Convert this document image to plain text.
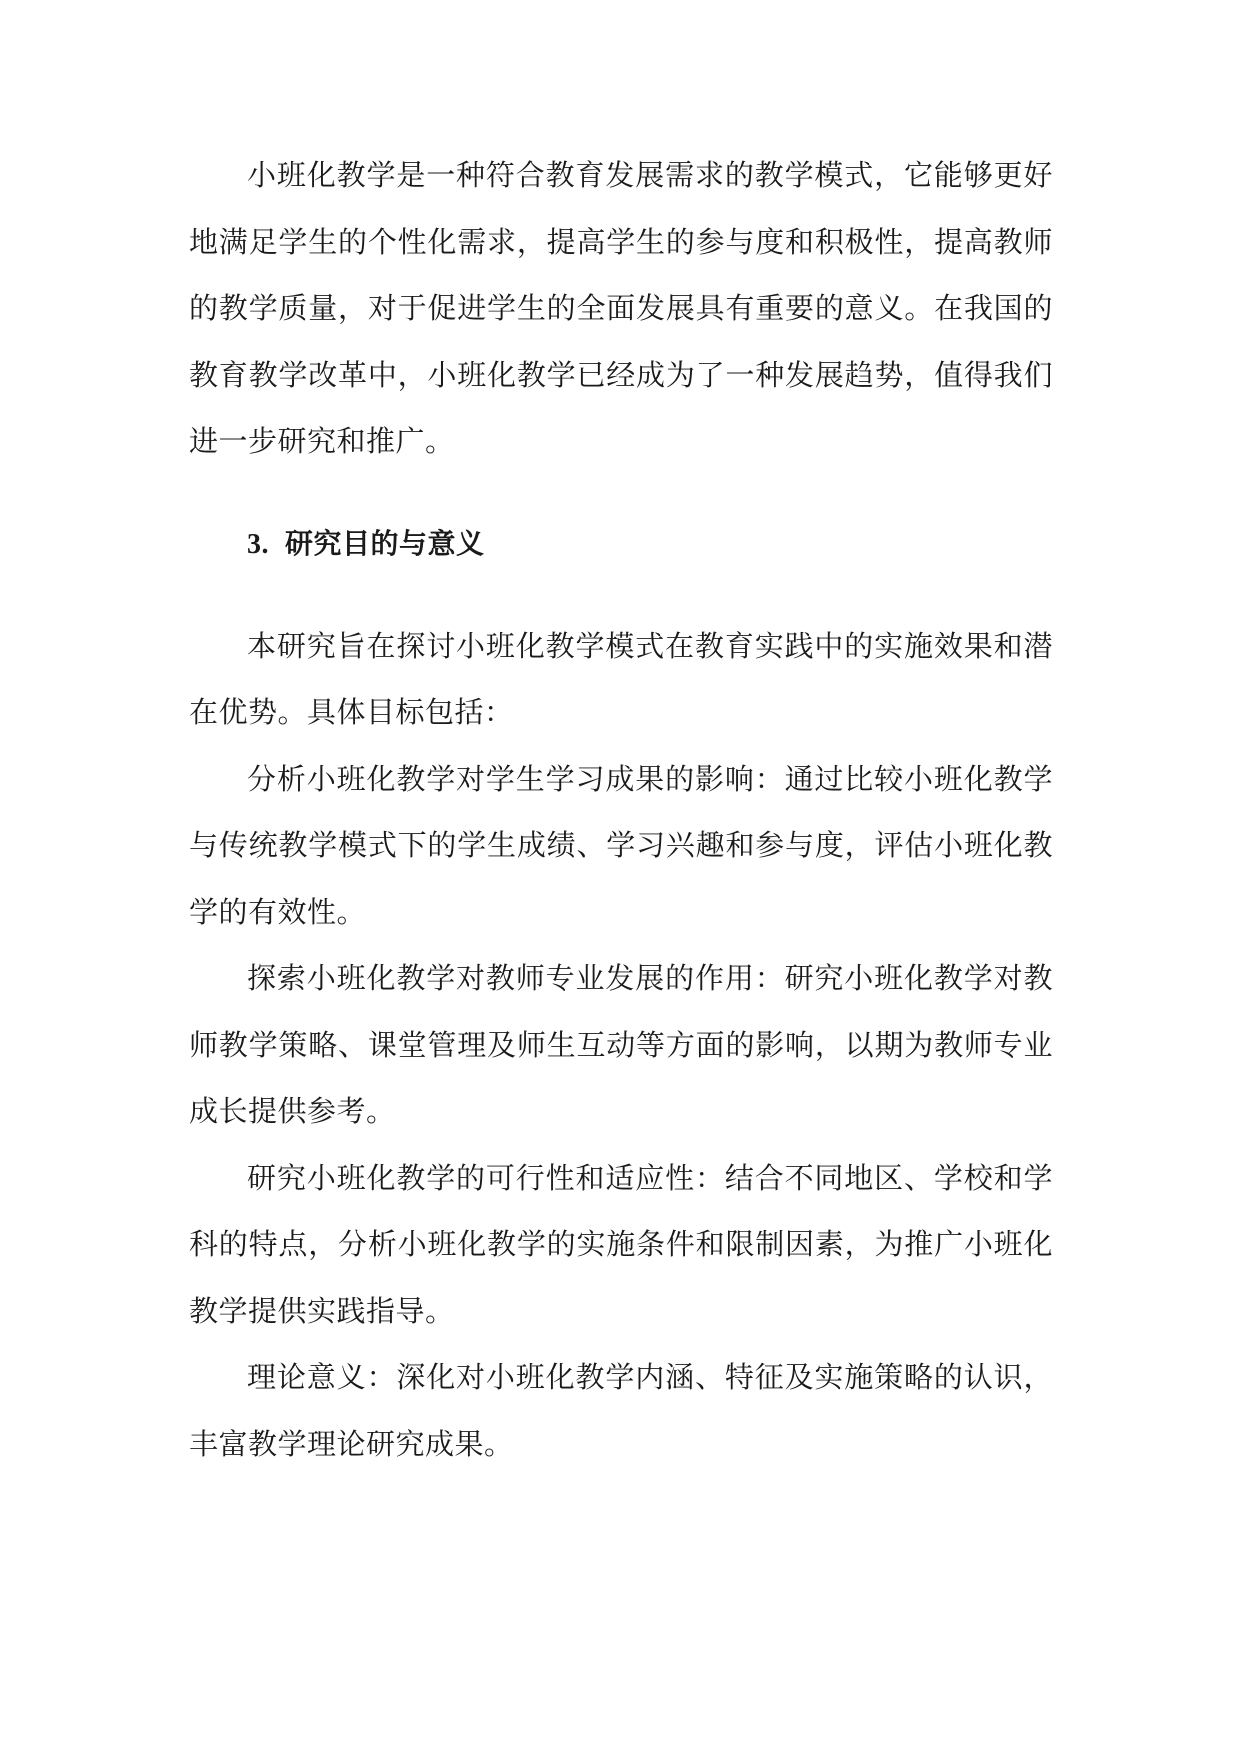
小班化教学是一种符合教育发展需求的教学模式，它能够更好地满足学生的个性化需求，提高学生的参与度和积极性，提高教师的教学质量，对于促进学生的全面发展具有重要的意义。在我国的教育教学改革中，小班化教学已经成为了一种发展趋势，值得我们进一步研究和推广。

3. 研究目的与意义

本研究旨在探讨小班化教学模式在教育实践中的实施效果和潜在优势。具体目标包括：

分析小班化教学对学生学习成果的影响：通过比较小班化教学与传统教学模式下的学生成绩、学习兴趣和参与度，评估小班化教学的有效性。

探索小班化教学对教师专业发展的作用：研究小班化教学对教师教学策略、课堂管理及师生互动等方面的影响，以期为教师专业成长提供参考。

研究小班化教学的可行性和适应性：结合不同地区、学校和学科的特点，分析小班化教学的实施条件和限制因素，为推广小班化教学提供实践指导。

理论意义：深化对小班化教学内涵、特征及实施策略的认识，丰富教学理论研究成果。
